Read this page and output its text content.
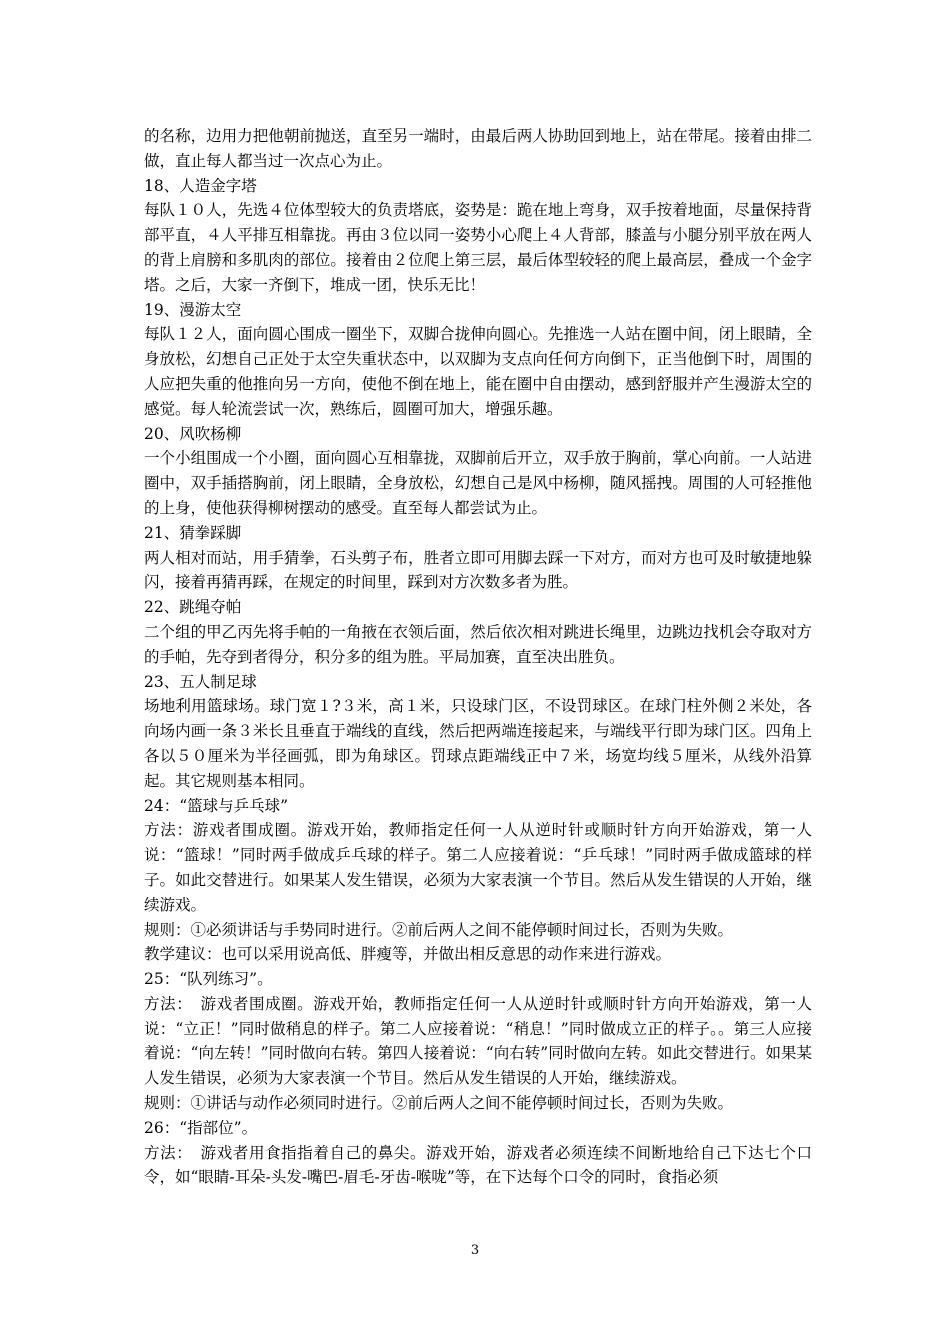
的名称，边用力把他朝前抛送，直至另一端时，由最后两人协助回到地上，站在带尾。接着由排二做，直止每人都当过一次点心为止。

18、人造金字塔

每队１０人，先选４位体型较大的负责塔底，姿势是：跪在地上弯身，双手按着地面，尽量保持背部平直，４人平排互相靠拢。再由３位以同一姿势小心爬上４人背部，膝盖与小腿分别平放在两人的背上肩膀和多肌肉的部位。接着由２位爬上第三层，最后体型较轻的爬上最高层，叠成一个金字塔。之后，大家一齐倒下，堆成一团，快乐无比！

19、漫游太空

每队１２人，面向圆心围成一圈坐下，双脚合拢伸向圆心。先推选一人站在圈中间，闭上眼睛，全身放松，幻想自己正处于太空失重状态中，以双脚为支点向任何方向倒下，正当他倒下时，周围的人应把失重的他推向另一方向，使他不倒在地上，能在圈中自由摆动，感到舒服并产生漫游太空的感觉。每人轮流尝试一次，熟练后，圆圈可加大，增强乐趣。

20、风吹杨柳

一个小组围成一个小圈，面向圆心互相靠拢，双脚前后开立，双手放于胸前，掌心向前。一人站进圈中，双手插搭胸前，闭上眼睛，全身放松，幻想自己是风中杨柳，随风摇拽。周围的人可轻推他的上身，使他获得柳树摆动的感受。直至每人都尝试为止。

21、猜拳踩脚

两人相对而站，用手猜拳，石头剪子布，胜者立即可用脚去踩一下对方，而对方也可及时敏捷地躲闪，接着再猜再踩，在规定的时间里，踩到对方次数多者为胜。

22、跳绳夺帕

二个组的甲乙丙先将手帕的一角掖在衣领后面，然后依次相对跳进长绳里，边跳边找机会夺取对方的手帕，先夺到者得分，积分多的组为胜。平局加赛，直至决出胜负。

23、五人制足球

场地利用篮球场。球门宽１?３米，高１米，只设球门区，不设罚球区。在球门柱外侧２米处，各向场内画一条３米长且垂直于端线的直线，然后把两端连接起来，与端线平行即为球门区。四角上各以５０厘米为半径画弧，即为角球区。罚球点距端线正中７米，场宽均线５厘米，从线外沿算起。其它规则基本相同。

24：“篮球与乒乓球”

方法：游戏者围成圈。游戏开始，教师指定任何一人从逆时针或顺时针方向开始游戏，第一人说：“篮球！”同时两手做成乒乓球的样子。第二人应接着说：“乒乓球！”同时两手做成篮球的样子。如此交替进行。如果某人发生错误，必须为大家表演一个节目。然后从发生错误的人开始，继续游戏。

规则：①必须讲话与手势同时进行。②前后两人之间不能停顿时间过长，否则为失败。

教学建议：也可以采用说高低、胖瘦等，并做出相反意思的动作来进行游戏。

25：“队列练习”。

方法：　游戏者围成圈。游戏开始，教师指定任何一人从逆时针或顺时针方向开始游戏，第一人说：“立正！”同时做稍息的样子。第二人应接着说：“稍息！”同时做成立正的样子。。第三人应接着说：“向左转！”同时做向右转。第四人接着说：“向右转”同时做向左转。如此交替进行。如果某人发生错误，必须为大家表演一个节目。然后从发生错误的人开始，继续游戏。

规则：①讲话与动作必须同时进行。②前后两人之间不能停顿时间过长，否则为失败。

26：“指部位”。

方法：　游戏者用食指指着自己的鼻尖。游戏开始，游戏者必须连续不间断地给自己下达七个口令，如“眼睛-耳朵-头发-嘴巴-眉毛-牙齿-喉咙”等，在下达每个口令的同时，食指必须

3
